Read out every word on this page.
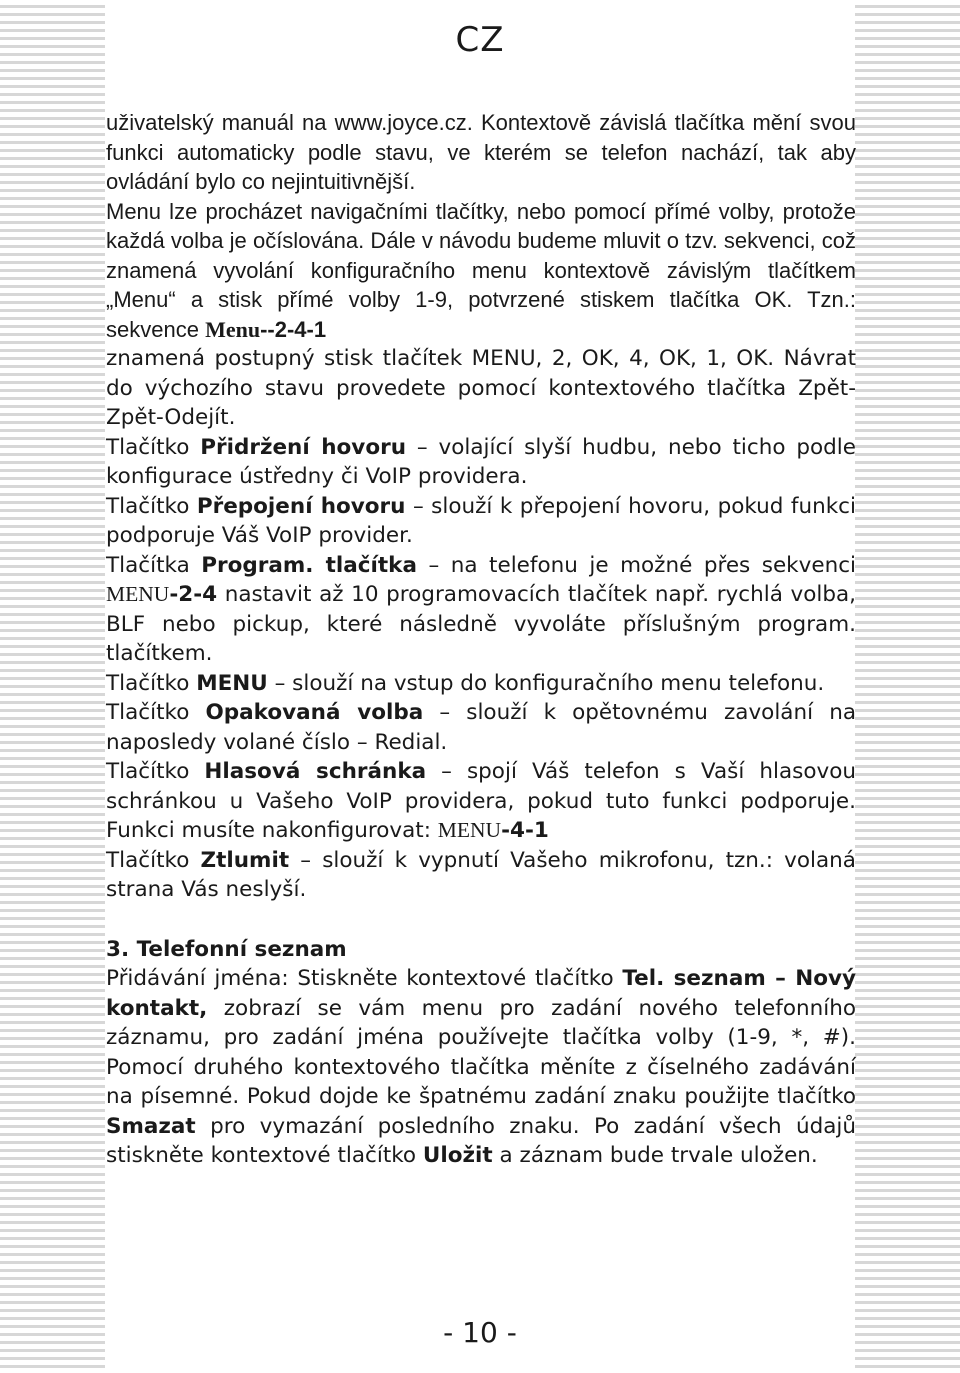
CZ

uživatelský manuál na www.joyce.cz. Kontextově závislá tlačítka mění svou funkci automaticky podle stavu, ve kterém se telefon nachází, tak aby ovládání bylo co nejintuitivnější.

Menu lze procházet navigačními tlačítky, nebo pomocí přímé volby, protože každá volba je očíslována. Dále v návodu budeme mluvit o tzv. sekvenci, což znamená vyvolání konfiguračního menu kontextově závislým tlačítkem „Menu“ a stisk přímé volby 1-9, potvrzené stiskem tlačítka OK. Tzn.: sekvence Menu--2-4-1

znamená postupný stisk tlačítek MENU, 2, OK, 4, OK, 1, OK. Návrat do výchozího stavu provedete pomocí kontextového tlačítka Zpět-Zpět-Odejít.

Tlačítko Přidržení hovoru – volající slyší hudbu, nebo ticho podle konfigurace ústředny či VoIP providera.

Tlačítko Přepojení hovoru – slouží k přepojení hovoru, pokud funkci podporuje Váš VoIP provider.

Tlačítka Program. tlačítka – na telefonu je možné přes sekvenci MENU-2-4 nastavit až 10 programovacích tlačítek např. rychlá volba, BLF nebo pickup, které následně vyvoláte příslušným program. tlačítkem.

Tlačítko MENU – slouží na vstup do konfiguračního menu telefonu.

Tlačítko Opakovaná volba – slouží k opětovnému zavolání na naposledy volané číslo – Redial.

Tlačítko Hlasová schránka – spojí Váš telefon s Vaší hlasovou schránkou u Vašeho VoIP providera, pokud tuto funkci podporuje. Funkci musíte nakonfigurovat: MENU-4-1

Tlačítko Ztlumit – slouží k vypnutí Vašeho mikrofonu, tzn.: volaná strana Vás neslyší.

3. Telefonní seznam

Přidávání jména: Stiskněte kontextové tlačítko Tel. seznam – Nový kontakt, zobrazí se vám menu pro zadání nového telefonního záznamu, pro zadání jména používejte tlačítka volby (1-9, *, #). Pomocí druhého kontextového tlačítka měníte z číselného zadávání na písemné. Pokud dojde ke špatnému zadání znaku použijte tlačítko Smazat pro vymazání posledního znaku. Po zadání všech údajů stiskněte kontextové tlačítko Uložit a záznam bude trvale uložen.

- 10 -
